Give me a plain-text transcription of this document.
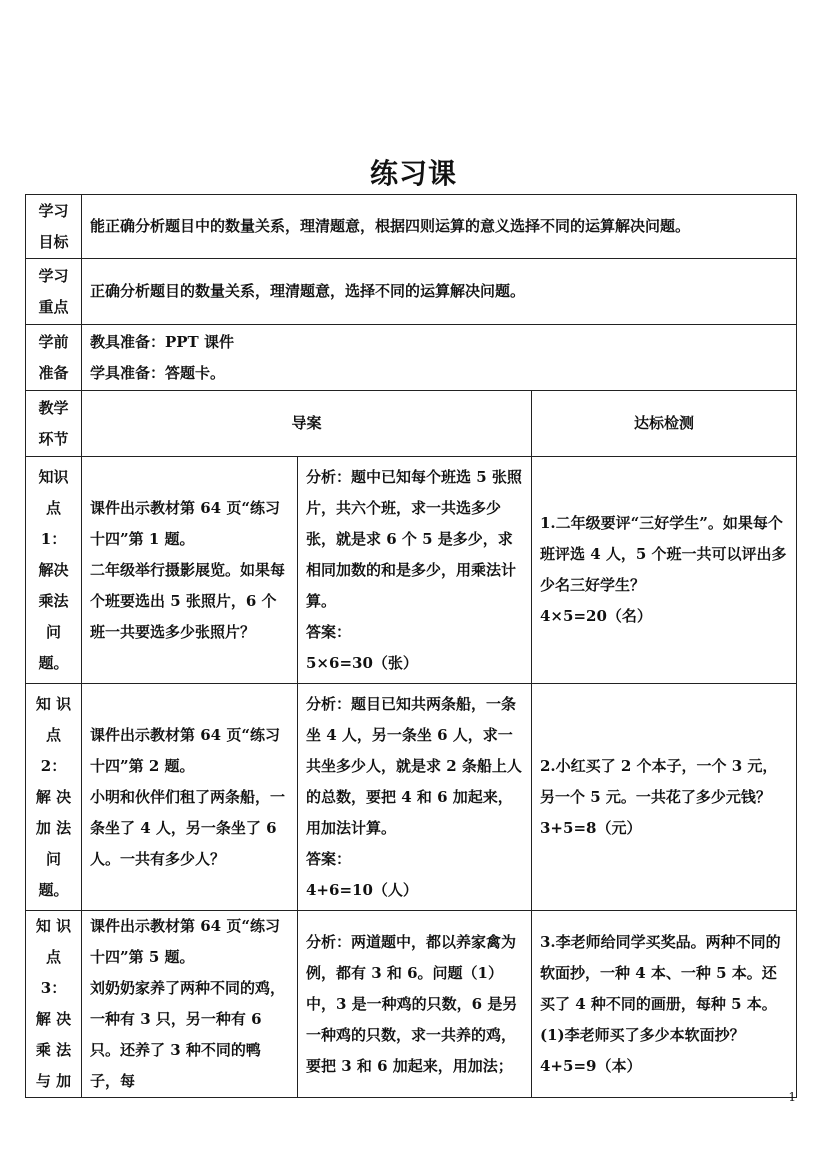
练习课
学习
目标	能正确分析题目中的数量关系，理清题意，根据四则运算的意义选择不同的运算解决问题。		
学习
重点	正确分析题目的数量关系，理清题意，选择不同的运算解决问题。		
学前
准备	教具准备：PPT 课件
学具准备：答题卡。		
教学
环节	导案		达标检测
知识
点 1：
解决
乘法
问题。	课件出示教材第 64 页“练习十四”第 1 题。
二年级举行摄影展览。如果每个班要选出 5 张照片，6 个班一共要选多少张照片？	分析：题中已知每个班选 5 张照片，共六个班，求一共选多少张，就是求 6 个 5 是多少，求相同加数的和是多少，用乘法计算。
答案：
5×6=30（张）	1.二年级要评“三好学生”。如果每个班评选 4 人，5 个班一共可以评出多少名三好学生？
4×5=20（名）
知 识
点 2：
解 决
加 法
问题。	课件出示教材第 64 页“练习十四”第 2 题。
小明和伙伴们租了两条船，一条坐了 4 人，另一条坐了 6 人。一共有多少人？	分析：题目已知共两条船，一条坐 4 人，另一条坐 6 人，求一共坐多少人，就是求 2 条船上人的总数，要把 4 和 6 加起来，用加法计算。
答案：
4+6=10（人）	2.小红买了 2 个本子，一个 3 元，另一个 5 元。一共花了多少元钱？
3+5=8（元）
知 识
点 3：
解 决
乘 法
与 加	课件出示教材第 64 页“练习十四”第 5 题。
刘奶奶家养了两种不同的鸡，一种有 3 只，另一种有 6 只。还养了 3 种不同的鸭子，每	分析：两道题中，都以养家禽为例，都有 3 和 6。问题（1）中，3 是一种鸡的只数，6 是另一种鸡的只数，求一共养的鸡，要把 3 和 6 加起来，用加法；	3.李老师给同学买奖品。两种不同的软面抄，一种 4 本、一种 5 本。还买了 4 种不同的画册，每种 5 本。
(1)李老师买了多少本软面抄？
4+5=9（本）
1
